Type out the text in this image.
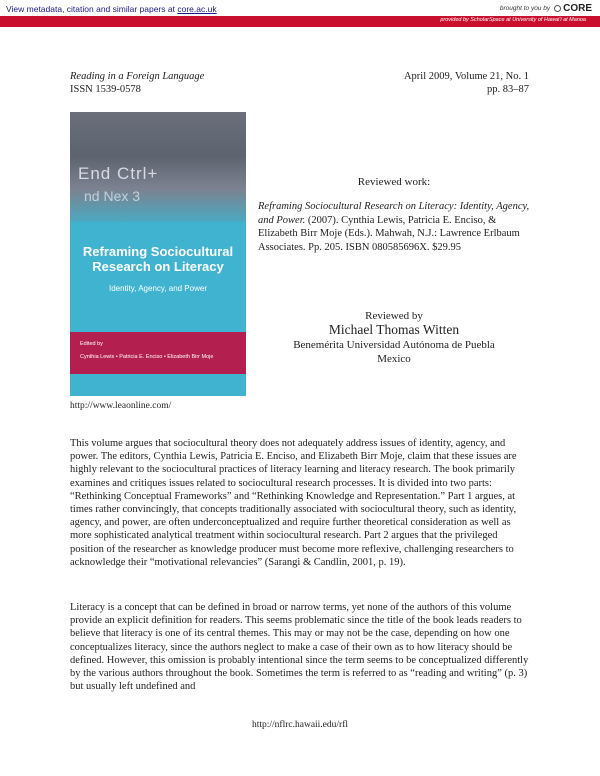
View metadata, citation and similar papers at core.ac.uk	brought to you by CORE
provided by ScholarSpace at University of Hawai'i at Manoa
Reading in a Foreign Language
ISSN 1539-0578
April 2009, Volume 21, No. 1
pp. 83–87
End Ctrl+
nd Nex 3
Reframing Sociocultural Research on Literacy
Identity, Agency, and Power
Edited by
Cynthia Lewis • Patricia E. Enciso • Elizabeth Birr Moje
http://www.leaonline.com/
Reviewed work:
Reframing Sociocultural Research on Literacy: Identity, Agency, and Power. (2007). Cynthia Lewis, Patricia E. Enciso, & Elizabeth Birr Moje (Eds.). Mahwah, N.J.: Lawrence Erlbaum Associates. Pp. 205. ISBN 080585696X. $29.95
Reviewed by
Michael Thomas Witten
Benemérita Universidad Autónoma de Puebla
Mexico

This volume argues that sociocultural theory does not adequately address issues of identity, agency, and power. The editors, Cynthia Lewis, Patricia E. Enciso, and Elizabeth Birr Moje, claim that these issues are highly relevant to the sociocultural practices of literacy learning and literacy research. The book primarily examines and critiques issues related to sociocultural research processes. It is divided into two parts: “Rethinking Conceptual Frameworks” and “Rethinking Knowledge and Representation.” Part 1 argues, at times rather convincingly, that concepts traditionally associated with sociocultural theory, such as identity, agency, and power, are often underconceptualized and require further theoretical consideration as well as more sophisticated analytical treatment within sociocultural research. Part 2 argues that the privileged position of the researcher as knowledge producer must become more reflexive, challenging researchers to acknowledge their “motivational relevancies” (Sarangi & Candlin, 2001, p. 19).

Literacy is a concept that can be defined in broad or narrow terms, yet none of the authors of this volume provide an explicit definition for readers. This seems problematic since the title of the book leads readers to believe that literacy is one of its central themes. This may or may not be the case, depending on how one conceptualizes literacy, since the authors neglect to make a case of their own as to how literacy should be defined. However, this omission is probably intentional since the term seems to be conceptualized differently by the various authors throughout the book. Sometimes the term is referred to as “reading and writing” (p. 3) but usually left undefined and

http://nflrc.hawaii.edu/rfl
